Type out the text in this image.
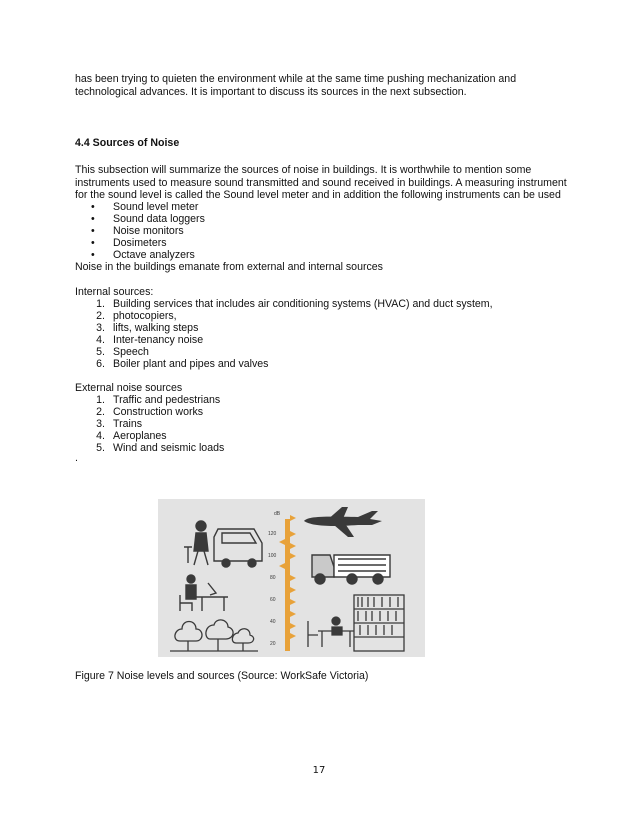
has been trying to quieten the environment while at the same time pushing mechanization and
technological advances. It is important to discuss its sources in the next subsection.
4.4 Sources of Noise
This subsection will summarize the sources of noise in buildings. It is worthwhile to mention some
instruments used to measure sound transmitted and sound received in buildings. A measuring instrument
for the sound level is called the Sound level meter and in addition the following instruments can be used
• Sound level meter
• Sound data loggers
• Noise monitors
• Dosimeters
• Octave analyzers
Noise in the buildings emanate from external and internal sources
Internal sources:
1. Building services that includes air conditioning systems (HVAC) and duct system,
2. photocopiers,
3. lifts, walking steps
4. Inter-tenancy noise
5. Speech
6. Boiler plant and pipes and valves
External noise sources
1. Traffic and pedestrians
2. Construction works
3. Trains
4. Aeroplanes
5. Wind and seismic loads
.
dB
120
100
80
60
40
20
Figure 7 Noise levels and sources (Source: WorkSafe Victoria)
17
